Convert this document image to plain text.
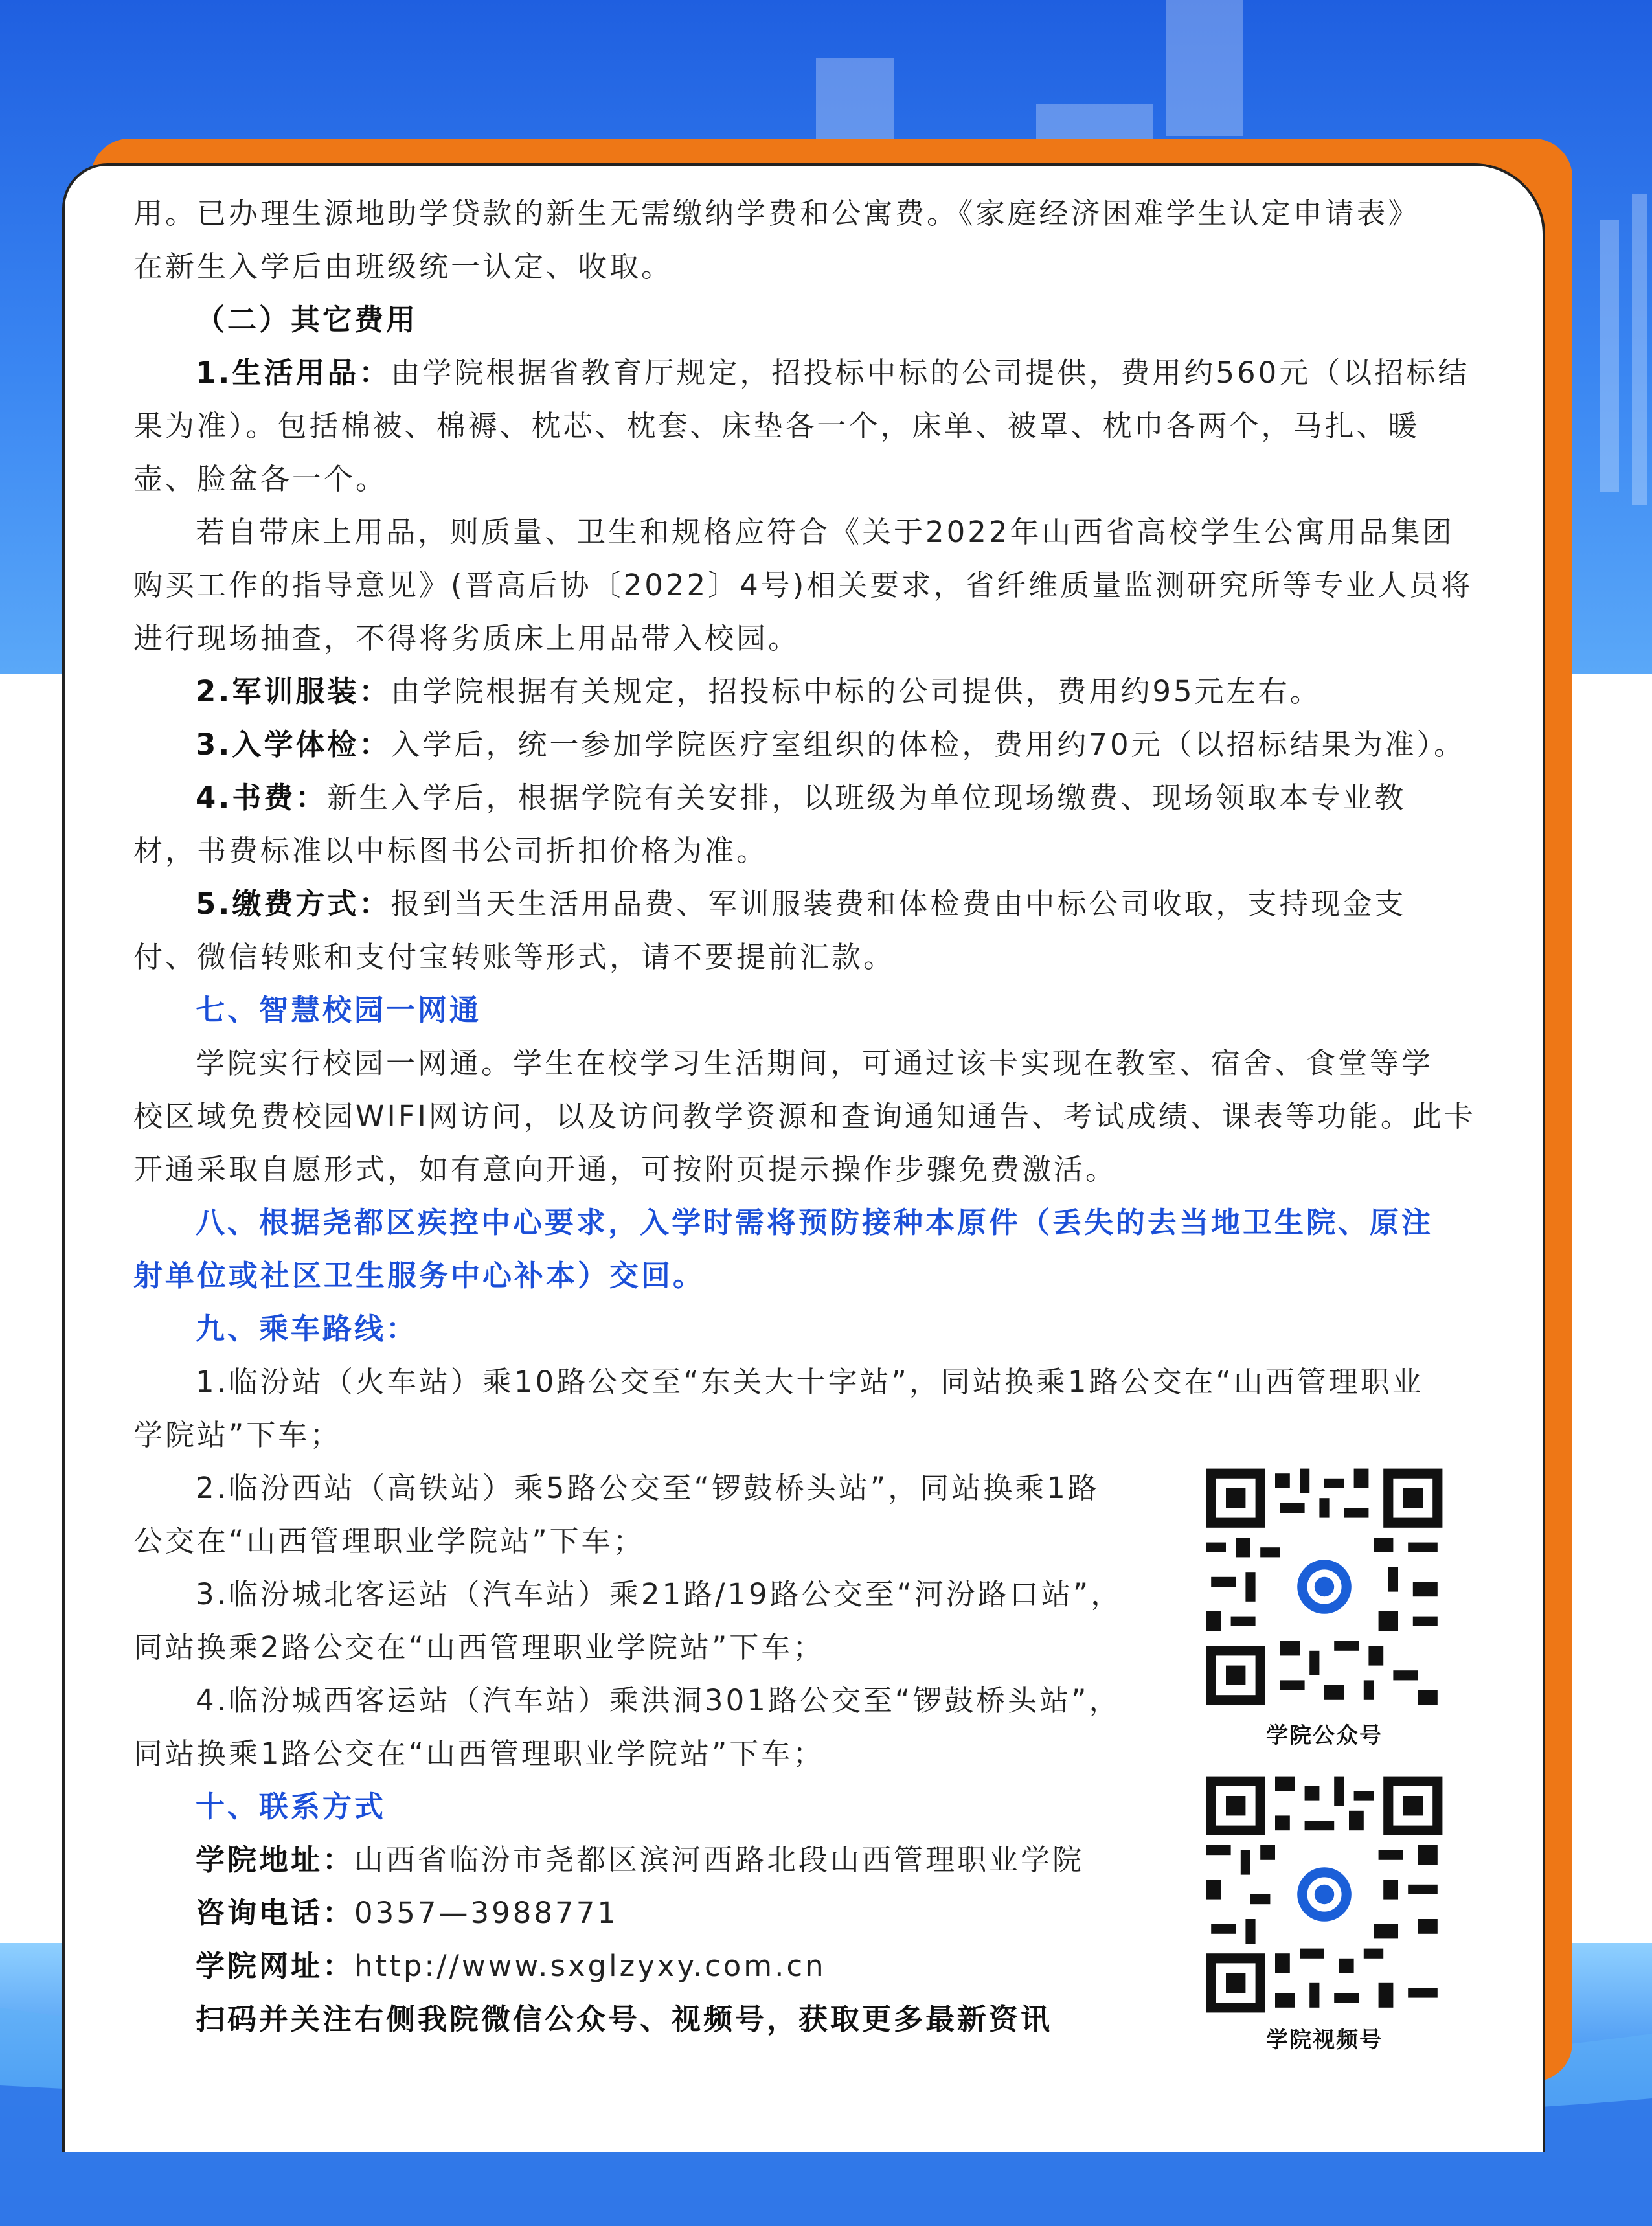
用。已办理生源地助学贷款的新生无需缴纳学费和公寓费。《家庭经济困难学生认定申请表》
在新生入学后由班级统一认定、收取。
（二）其它费用
1.生活用品：由学院根据省教育厅规定，招投标中标的公司提供，费用约560元（以招标结
果为准）。包括棉被、棉褥、枕芯、枕套、床垫各一个，床单、被罩、枕巾各两个，马扎、暖
壶、脸盆各一个。
若自带床上用品，则质量、卫生和规格应符合《关于2022年山西省高校学生公寓用品集团
购买工作的指导意见》(晋高后协〔2022〕4号)相关要求，省纤维质量监测研究所等专业人员将
进行现场抽查，不得将劣质床上用品带入校园。
2.军训服装：由学院根据有关规定，招投标中标的公司提供，费用约95元左右。
3.入学体检：入学后，统一参加学院医疗室组织的体检，费用约70元（以招标结果为准）。
4.书费：新生入学后，根据学院有关安排，以班级为单位现场缴费、现场领取本专业教
材，书费标准以中标图书公司折扣价格为准。
5.缴费方式：报到当天生活用品费、军训服装费和体检费由中标公司收取，支持现金支
付、微信转账和支付宝转账等形式，请不要提前汇款。
七、智慧校园一网通
学院实行校园一网通。学生在校学习生活期间，可通过该卡实现在教室、宿舍、食堂等学
校区域免费校园WIFI网访问，以及访问教学资源和查询通知通告、考试成绩、课表等功能。此卡
开通采取自愿形式，如有意向开通，可按附页提示操作步骤免费激活。
八、根据尧都区疾控中心要求，入学时需将预防接种本原件（丢失的去当地卫生院、原注
射单位或社区卫生服务中心补本）交回。
九、乘车路线：
1.临汾站（火车站）乘10路公交至“东关大十字站”，同站换乘1路公交在“山西管理职业
学院站”下车；
2.临汾西站（高铁站）乘5路公交至“锣鼓桥头站”，同站换乘1路
公交在“山西管理职业学院站”下车；
3.临汾城北客运站（汽车站）乘21路/19路公交至“河汾路口站”，
同站换乘2路公交在“山西管理职业学院站”下车；
4.临汾城西客运站（汽车站）乘洪洞301路公交至“锣鼓桥头站”，
同站换乘1路公交在“山西管理职业学院站”下车；
十、联系方式
学院地址：山西省临汾市尧都区滨河西路北段山西管理职业学院
咨询电话：0357—3988771
学院网址：http://www.sxglzyxy.com.cn
扫码并关注右侧我院微信公众号、视频号，获取更多最新资讯
学院公众号
学院视频号
